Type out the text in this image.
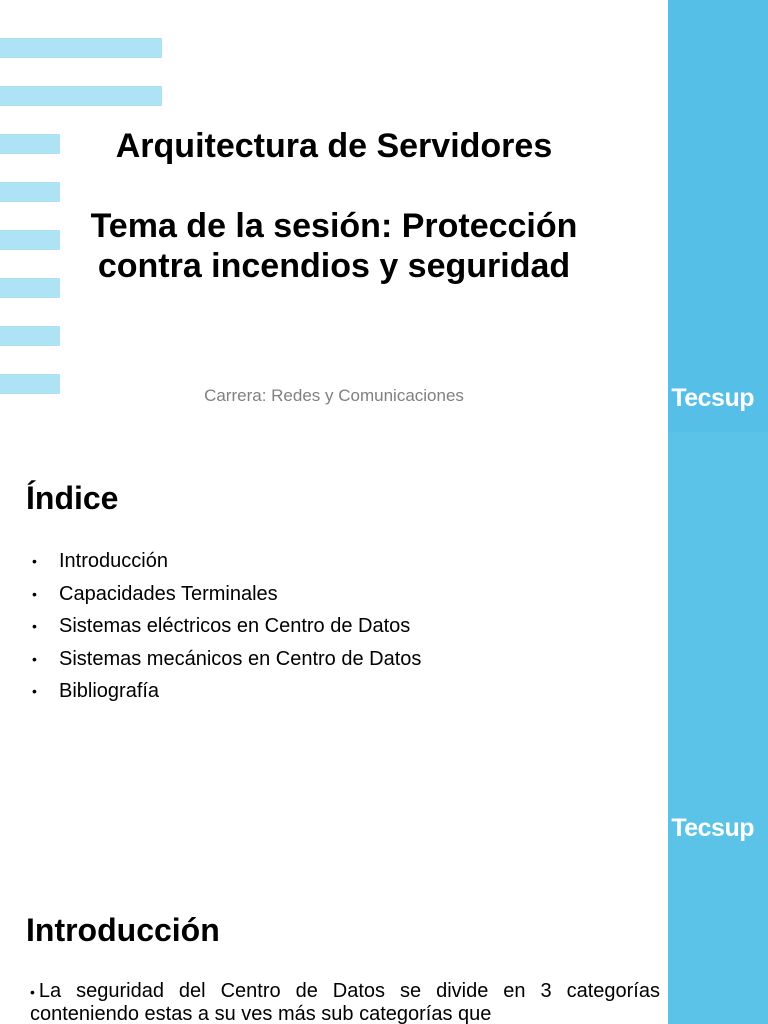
Arquitectura de Servidores
Tema de la sesión: Protección
contra incendios y seguridad
Carrera: Redes y Comunicaciones	Tecsup
Índice
• Introducción
• Capacidades Terminales
• Sistemas eléctricos en Centro de Datos
• Sistemas mecánicos en Centro de Datos
• Bibliografía
Tecsup
Introducción
• La seguridad del Centro de Datos se divide en 3 categorías conteniendo estas a su ves más sub categorías que
